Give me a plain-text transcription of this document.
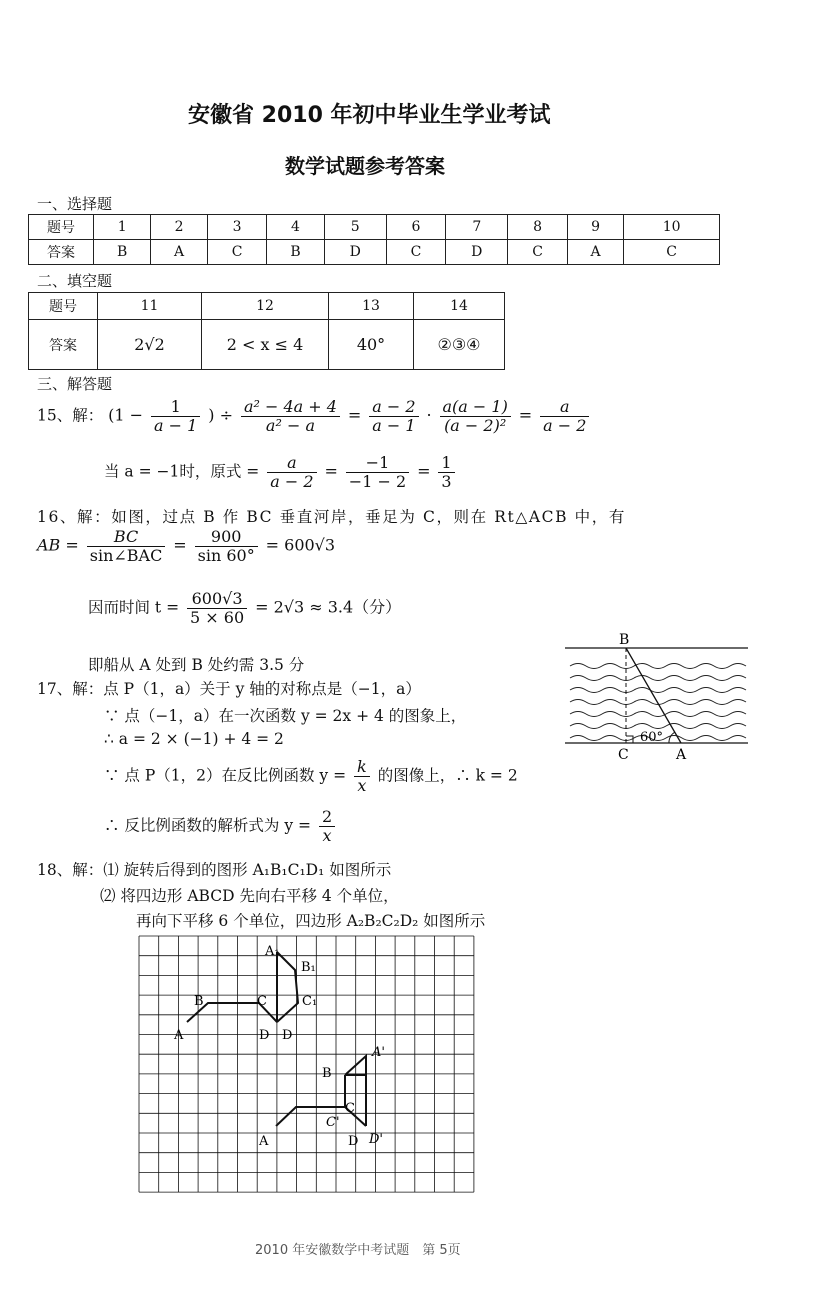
安徽省 2010 年初中毕业生学业考试
数学试题参考答案
一、选择题
题号	1	2	3	4	5	6	7	8	9	10
答案	B	A	C	B	D	C	D	C	A	C
二、填空题
题号	11	12	13	14
答案	2√2	2 < x ≤ 4	40°	②③④
三、解答题
15、解： ($1 - \frac{1}{a - 1}$ ) ÷ $\frac{\text{a² − 4a + 4}}{\text{a² − a}} = \frac{a - 2}{a - 1} \cdot \frac{a(a - 1)}{\text{(a − 2)²}} = \frac{a}{a - 2}$
当 a = −1时，原式 = $\frac{a}{a - 2} = \frac{-1}{-1 - 2} = \frac{1}{3}$
16、解：如图，过点 B 作 BC 垂直河岸，垂足为 C，则在 Rt△ACB 中，有
AB = $\frac{BC}{\text{sin∠BAC}} = \frac{900}{\sin 60^\circ} = 600√3$
因而时间 $t = \frac{600√3}{5 \times 60} = 2√3 \approx 3.4$（分）
即船从 A 处到 B 处约需 3.5 分
B
C	A
60°
17、解：点 P（1，a）关于 y 轴的对称点是（−1，a）
∵ 点（−1，a）在一次函数 y = 2x + 4 的图象上，
∴ a = 2 × (−1) + 4 = 2
∵ 点 P（1，2）在反比例函数 $y = \frac{k}{x}$ 的图像上，∴ k = 2
∴ 反比例函数的解析式为 $y = \frac{2}{x}$
18、解：⑴ 旋转后得到的图形 A₁B₁C₁D₁ 如图所示
⑵ 将四边形 ABCD 先向右平移 4 个单位，
再向下平移 6 个单位，四边形 A₂B₂C₂D₂ 如图所示
A₁
B₁
B	C	C₁
A	D D
A'
B
C
C'
A	D D'
2010 年安徽数学中考试题　第 5页
